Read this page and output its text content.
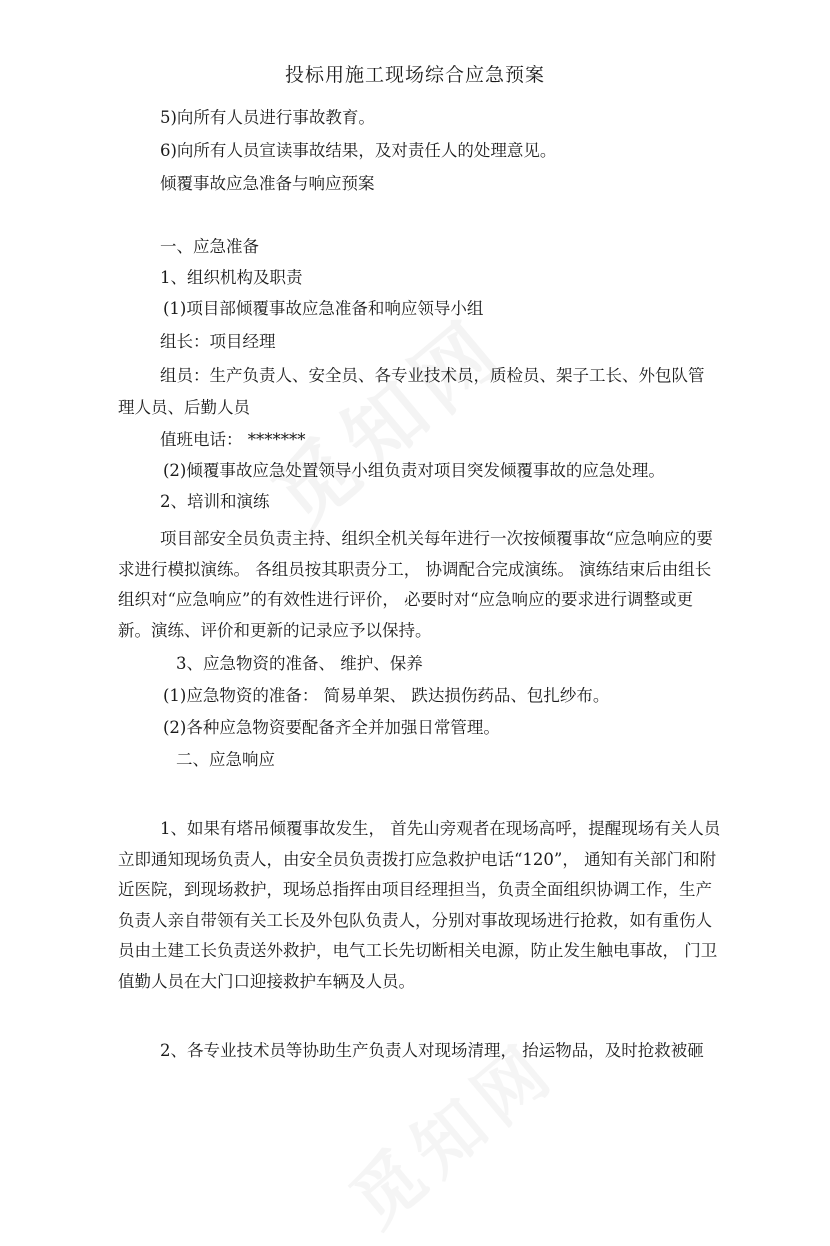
投标用施工现场综合应急预案
5)向所有人员进行事故教育。
6)向所有人员宣读事故结果，及对责任人的处理意见。
倾覆事故应急准备与响应预案
一、应急准备
1、组织机构及职责
(1)项目部倾覆事故应急准备和响应领导小组
组长：项目经理
组员：生产负责人、安全员、各专业技术员，质检员、架子工长、外包队管
理人员、后勤人员
值班电话： *******
(2)倾覆事故应急处置领导小组负责对项目突发倾覆事故的应急处理。
2、培训和演练

项目部安全员负责主持、组织全机关每年进行一次按倾覆事故“应急响应的要求进行模拟演练。 各组员按其职责分工， 协调配合完成演练。 演练结束后由组长组织对“应急响应”的有效性进行评价， 必要时对“应急响应的要求进行调整或更新。演练、评价和更新的记录应予以保持。

3、应急物资的准备、 维护、保养
(1)应急物资的准备： 简易单架、 跌达损伤药品、包扎纱布。
(2)各种应急物资要配备齐全并加强日常管理。
二、应急响应

1、如果有塔吊倾覆事故发生， 首先山旁观者在现场高呼，提醒现场有关人员立即通知现场负责人，由安全员负责拨打应急救护电话“120”， 通知有关部门和附近医院，到现场救护，现场总指挥由项目经理担当，负责全面组织协调工作，生产负责人亲自带领有关工长及外包队负责人，分别对事故现场进行抢救，如有重伤人员由土建工长负责送外救护，电气工长先切断相关电源，防止发生触电事故， 门卫值勤人员在大门口迎接救护车辆及人员。

2、各专业技术员等协助生产负责人对现场清理， 抬运物品，及时抢救被砸
